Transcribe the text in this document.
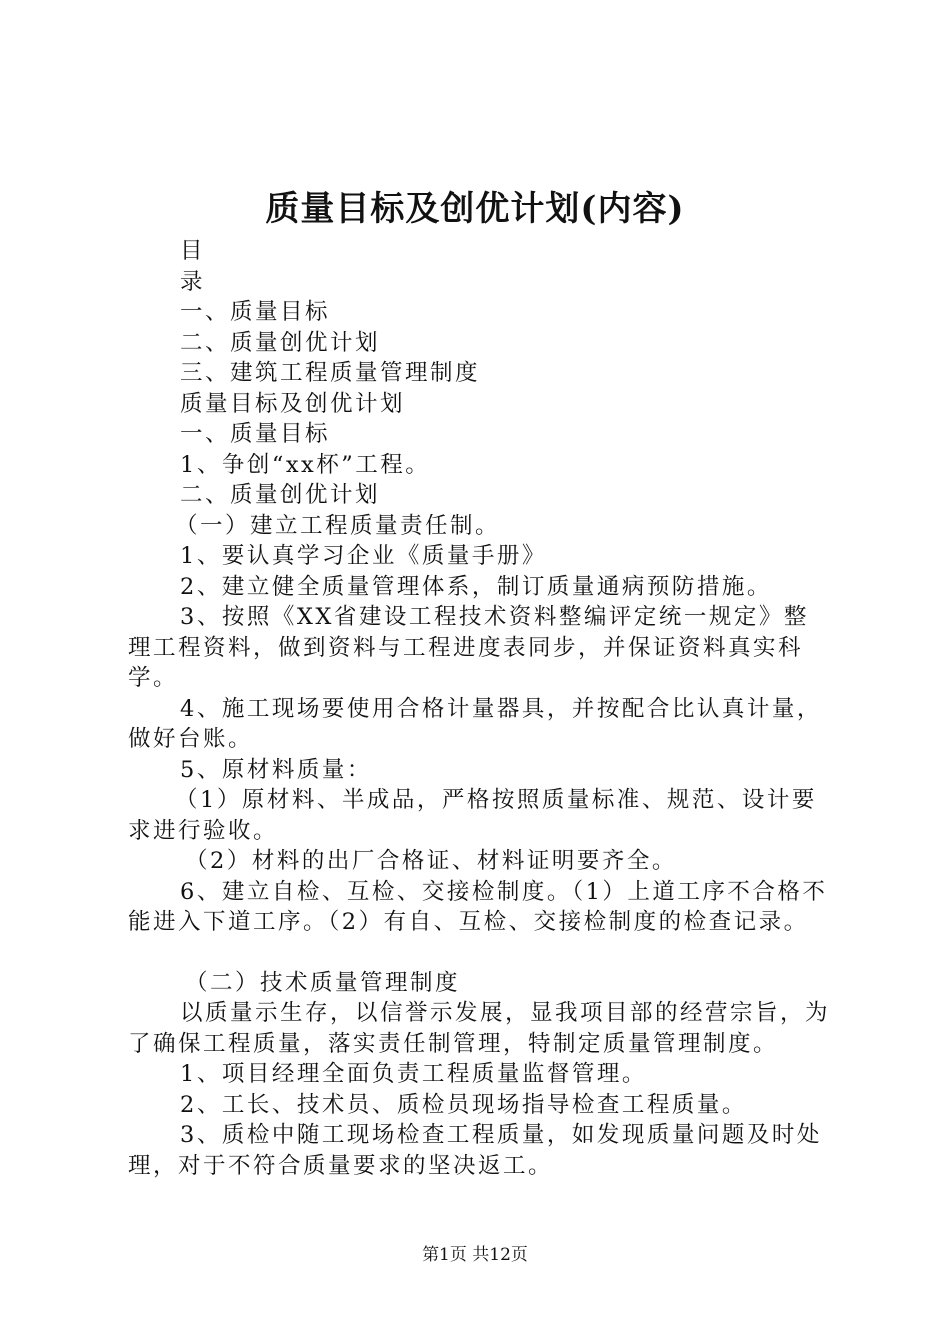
质量目标及创优计划(内容)

目

录

一、质量目标

二、质量创优计划

三、建筑工程质量管理制度

质量目标及创优计划

一、质量目标

1、争创“xx杯”工程。

二、质量创优计划

（一）建立工程质量责任制。

1、要认真学习企业《质量手册》

2、建立健全质量管理体系，制订质量通病预防措施。

3、按照《XX省建设工程技术资料整编评定统一规定》整理工程资料，做到资料与工程进度表同步，并保证资料真实科学。

4、施工现场要使用合格计量器具，并按配合比认真计量，做好台账。

5、原材料质量：

（1）原材料、半成品，严格按照质量标准、规范、设计要求进行验收。

（2）材料的出厂合格证、材料证明要齐全。

6、建立自检、互检、交接检制度。（1）上道工序不合格不能进入下道工序。（2）有自、互检、交接检制度的检查记录。

（二）技术质量管理制度

以质量示生存，以信誉示发展，显我项目部的经营宗旨，为了确保工程质量，落实责任制管理，特制定质量管理制度。

1、项目经理全面负责工程质量监督管理。

2、工长、技术员、质检员现场指导检查工程质量。

3、质检中随工现场检查工程质量，如发现质量问题及时处理，对于不符合质量要求的坚决返工。

第1页 共12页
